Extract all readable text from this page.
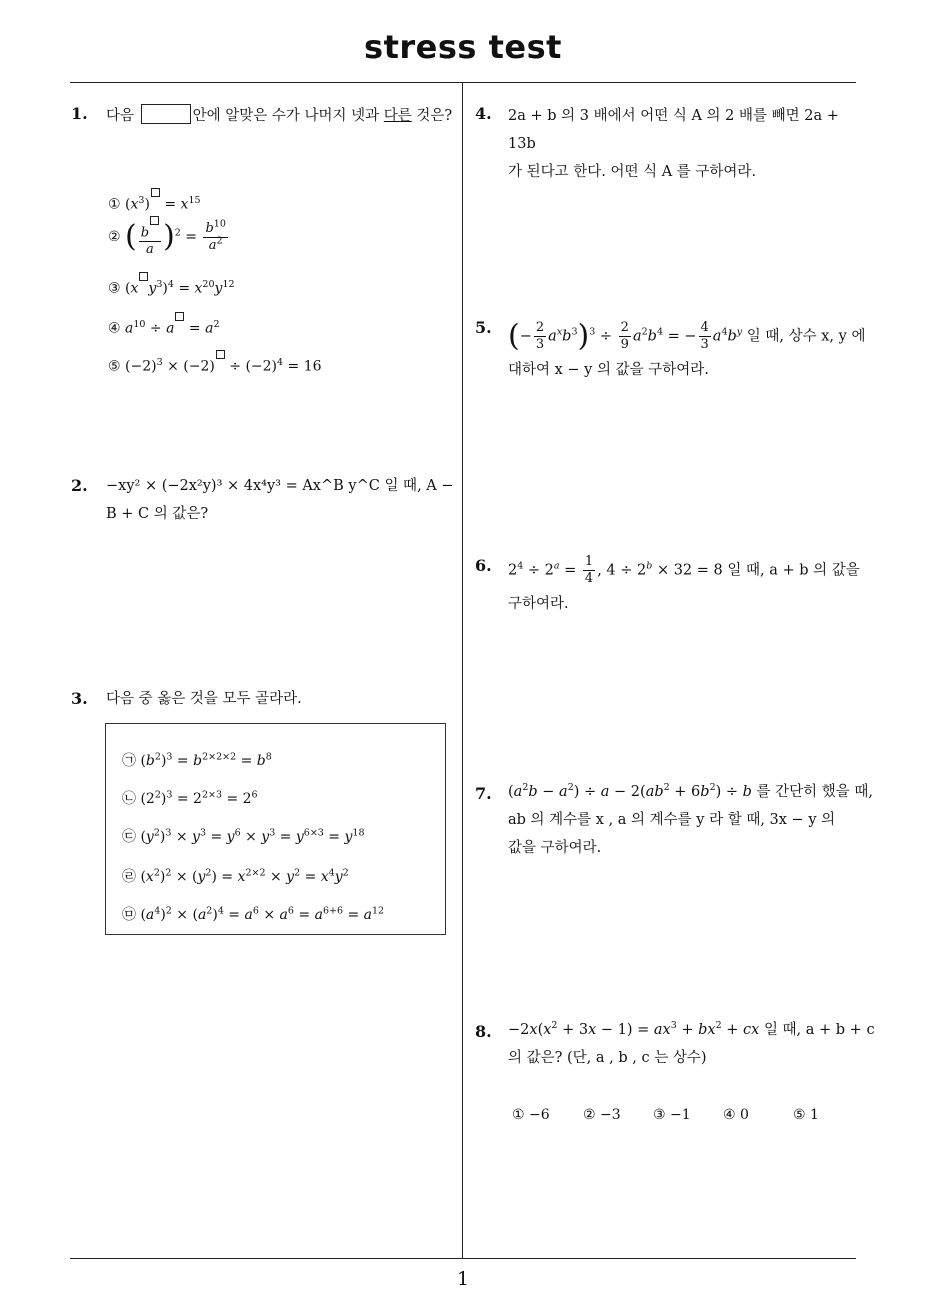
stress test
1
1. 다음	안에 알맞은 수가 나머지 넷과 다른 것은?
① $(x^3) = x^{15}$
② ( $\frac{b}{a} )^2 = \frac{b^{10}}{a^2}$
③ (x $y^3)^4 = x^{20}y^{12}$
④ $a^{10} \div a = a^2$
⑤ $(-2)^3 \times (-2) \div (-2)^4 = 16$
2. −xy² × (−2x²y)³ × 4x⁴y³ = Ax^B y^C 일 때, A − B + C 의 값은?
3. 다음 중 옳은 것을 모두 골라라.
㉠ $(b^2)^3 = b^{2\times 2\times 2} = b^8$
㉡ $(2^2)^3 = 2^{2\times 3} = 2^6$
㉢ $(y^2)^3 \times y^3 = y^6 \times y^3 = y^{6\times 3} = y^{18}$
㉣ $(x^2)^2 \times (y^2) = x^{2\times 2} \times y^2 = x^4y^2$
㉤ $(a^4)^2 \times (a^2)^4 = a^6 \times a^6 = a^{6+6} = a^{12}$
4. 2a + b 의 3 배에서 어떤 식 A 의 2 배를 빼면 2a + 13b
가 된다고 한다. 어떤 식 A 를 구하여라.
5. (− $\frac{2}{3} a^xb^3)^3 \div \frac{2}{9} a^2b^4$ = − $\frac{4}{3} a^4b^y$ 일 때, 상수 x, y 에
대하여 x − y 의 값을 구하여라.
6. $2^4 \div 2^a = \frac{1}{4}$ , $4 \div 2^b \times 32 = 8$ 일 때, a + b 의 값을
구하여라.
7. $(a^2b - a^2) \div a - 2(ab^2 + 6b^2) \div b$ 를 간단히 했을 때,
ab 의 계수를 x , a 의 계수를 y 라 할 때, 3x − y 의
값을 구하여라.
8. $-2x(x^2 + 3x - 1) = ax^3 + bx^2$ + cx 일 때, a + b + c
의 값은? (단, a , b , c 는 상수)
① −6 ② −3 ③ −1 ④ 0	⑤ 1
